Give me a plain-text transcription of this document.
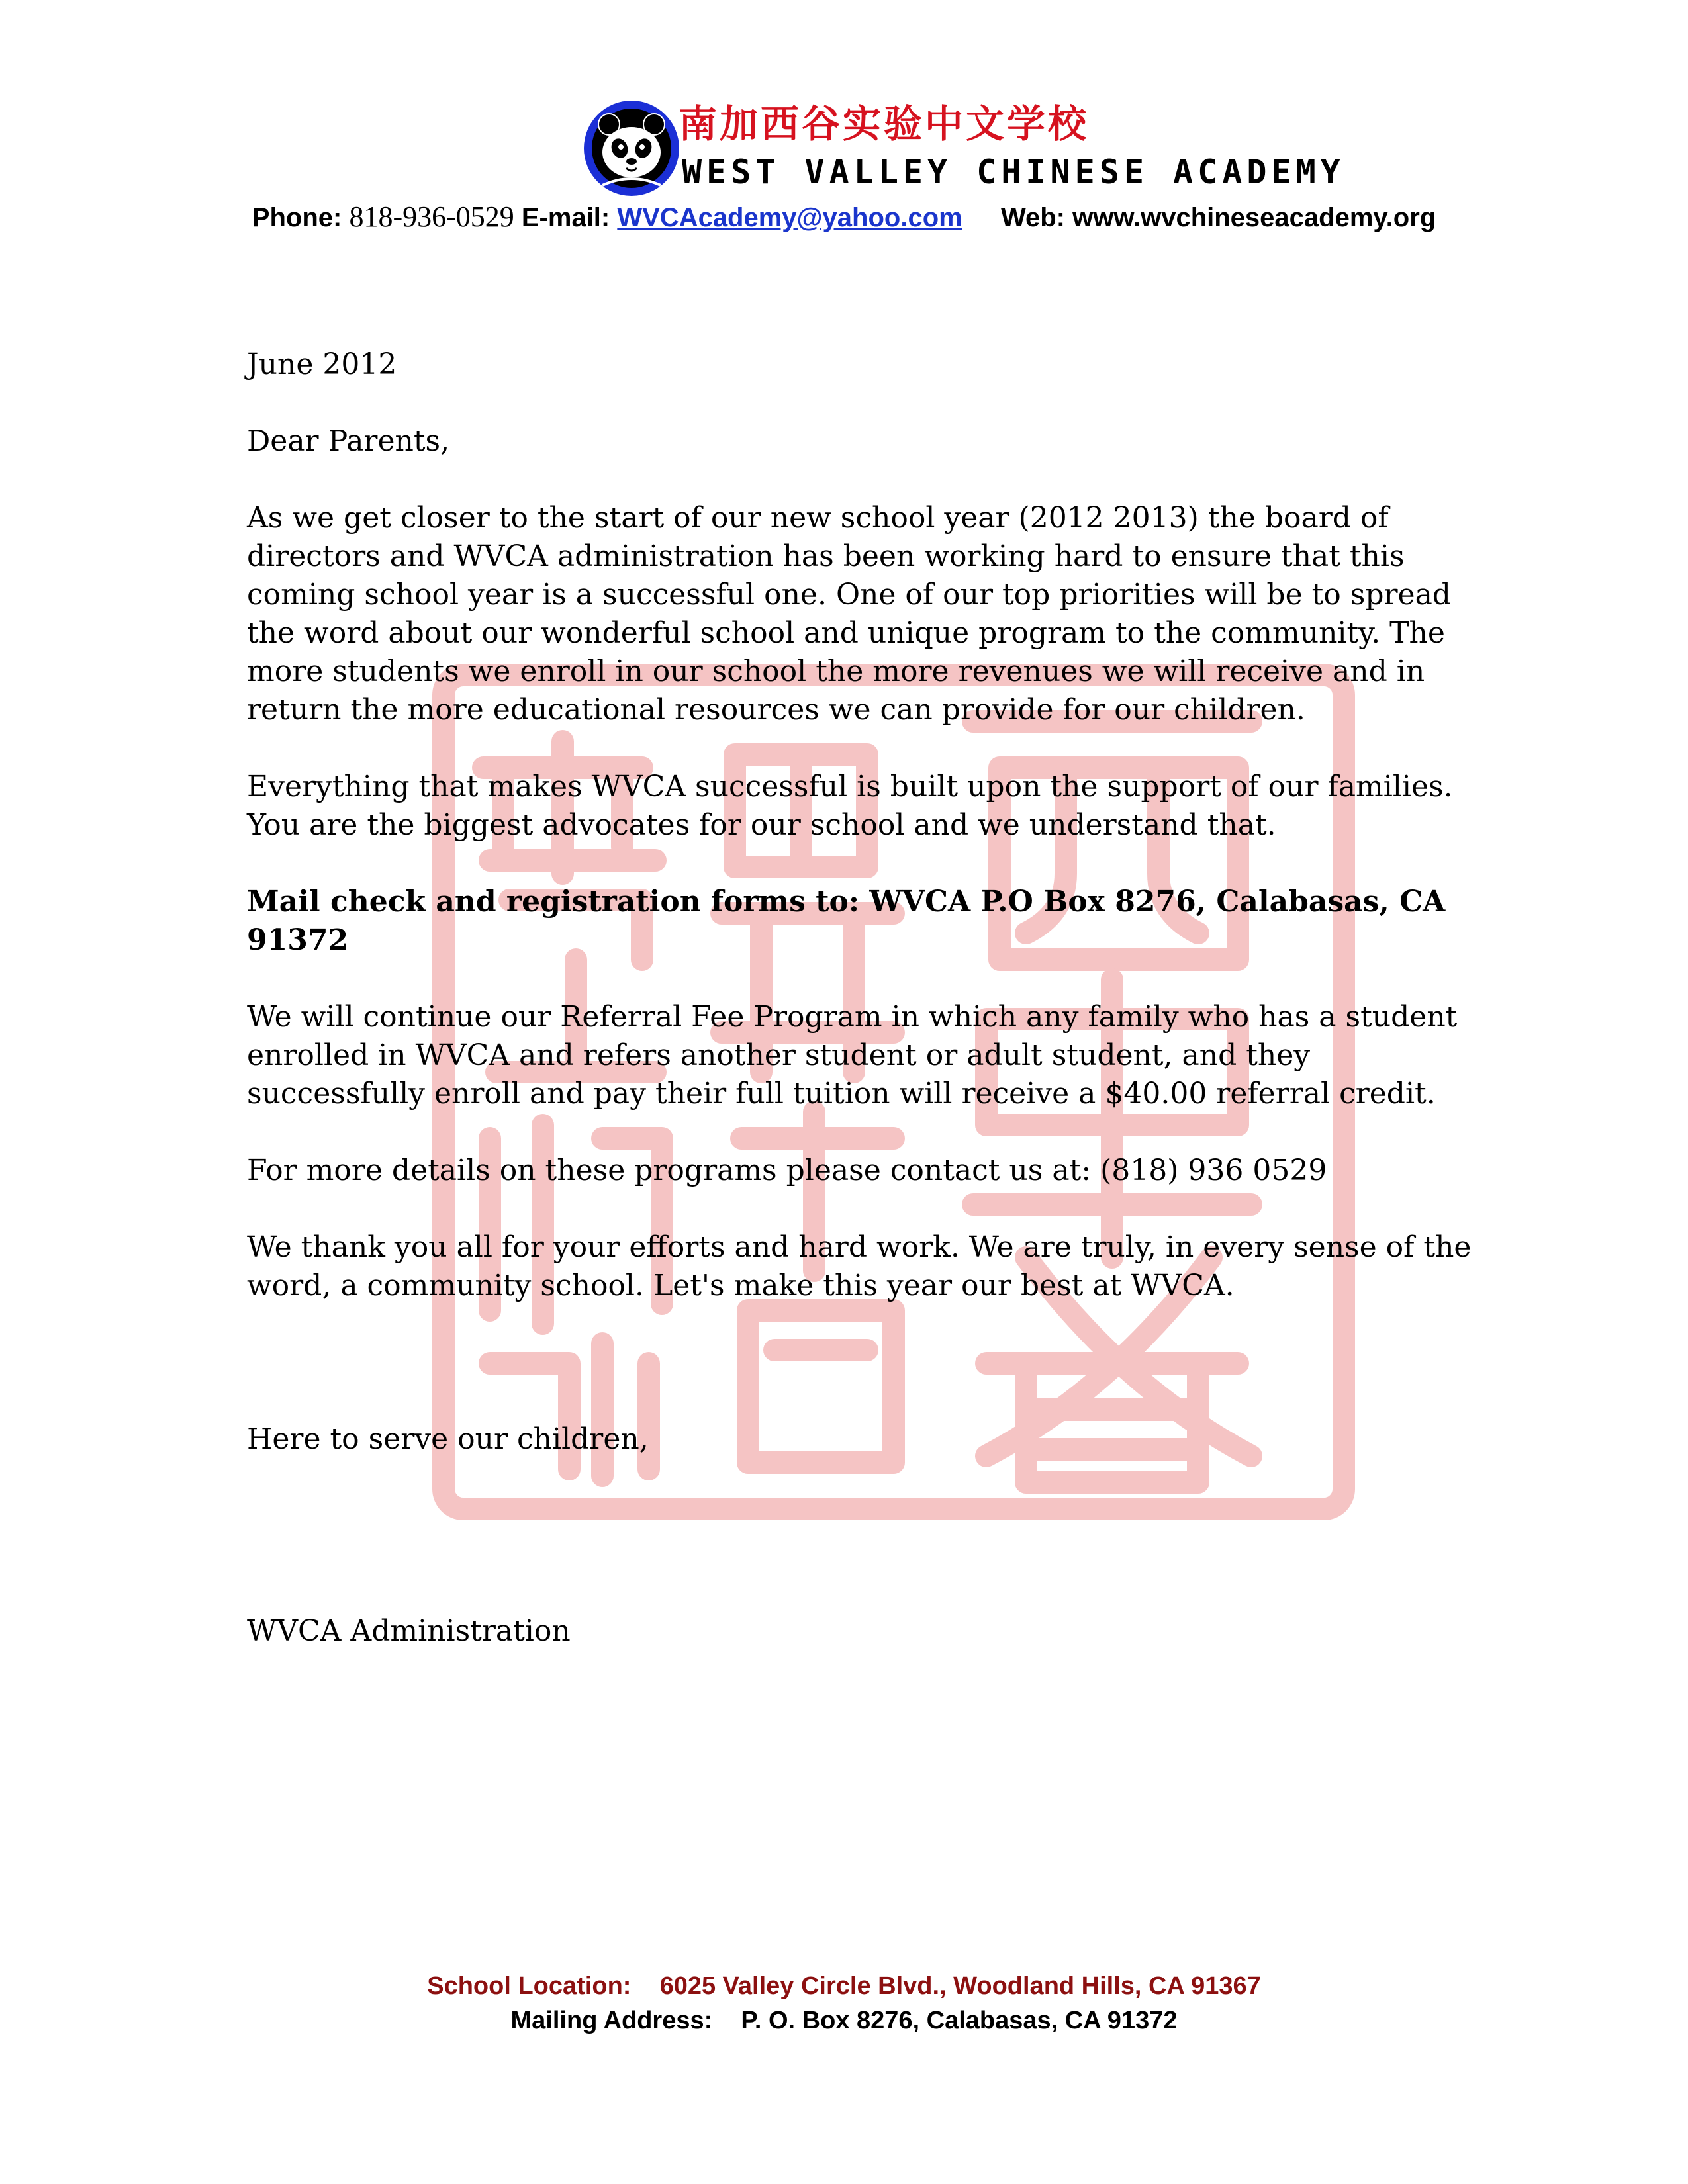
南加西谷实验中文学校
WEST VALLEY CHINESE ACADEMY
Phone: 818-936-0529 E-mail: WVCAcademy@yahoo.com Web: www.wvchineseacademy.org

June 2012

Dear Parents,

As we get closer to the start of our new school year (2012 2013) the board of directors and WVCA administration has been working hard to ensure that this coming school year is a successful one. One of our top priorities will be to spread the word about our wonderful school and unique program to the community. The more students we enroll in our school the more revenues we will receive and in return the more educational resources we can provide for our children.

Everything that makes WVCA successful is built upon the support of our families. You are the biggest advocates for our school and we understand that.

Mail check and registration forms to: WVCA P.O Box 8276, Calabasas, CA 91372

We will continue our Referral Fee Program in which any family who has a student enrolled in WVCA and refers another student or adult student, and they successfully enroll and pay their full tuition will receive a $40.00 referral credit.

For more details on these programs please contact us at: (818) 936 0529

We thank you all for your efforts and hard work. We are truly, in every sense of the word, a community school. Let's make this year our best at WVCA.

Here to serve our children,

WVCA Administration

School Location: 6025 Valley Circle Blvd., Woodland Hills, CA 91367
Mailing Address: P. O. Box 8276, Calabasas, CA 91372
